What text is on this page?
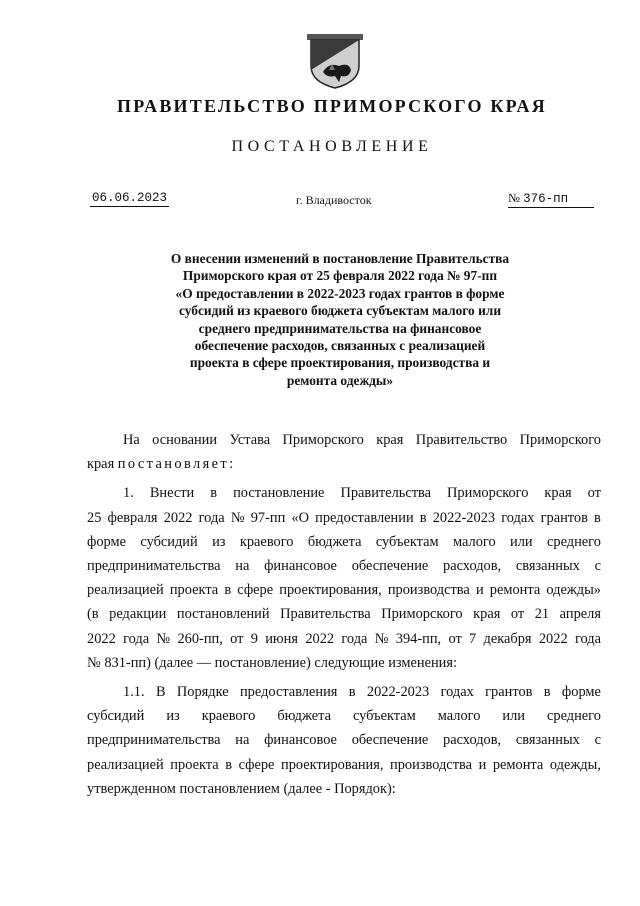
ПРАВИТЕЛЬСТВО ПРИМОРСКОГО КРАЯ
ПОСТАНОВЛЕНИЕ
06.06.2023	г. Владивосток	№ 376-пп
О внесении изменений в постановление Правительства
Приморского края от 25 февраля 2022 года № 97-пп
«О предоставлении в 2022-2023 годах грантов в форме
субсидий из краевого бюджета субъектам малого или
среднего предпринимательства на финансовое
обеспечение расходов, связанных с реализацией
проекта в сфере проектирования, производства и
ремонта одежды»
На основании Устава Приморского края Правительство Приморского
края постановляет :
1. Внести в постановление Правительства Приморского края от
25 февраля 2022 года № 97-пп «О предоставлении в 2022-2023 годах грантов в
форме субсидий из краевого бюджета субъектам малого или среднего
предпринимательства на финансовое обеспечение расходов, связанных с
реализацией проекта в сфере проектирования, производства и ремонта одежды»
(в редакции постановлений Правительства Приморского края от 21 апреля
2022 года № 260-пп, от 9 июня 2022 года № 394-пп, от 7 декабря 2022 года
№ 831-пп) (далее — постановление) следующие изменения:
1.1. В Порядке предоставления в 2022-2023 годах грантов в форме
субсидий из краевого бюджета субъектам малого или среднего
предпринимательства на финансовое обеспечение расходов, связанных с
реализацией проекта в сфере проектирования, производства и ремонта одежды,
утвержденном постановлением (далее - Порядок):
